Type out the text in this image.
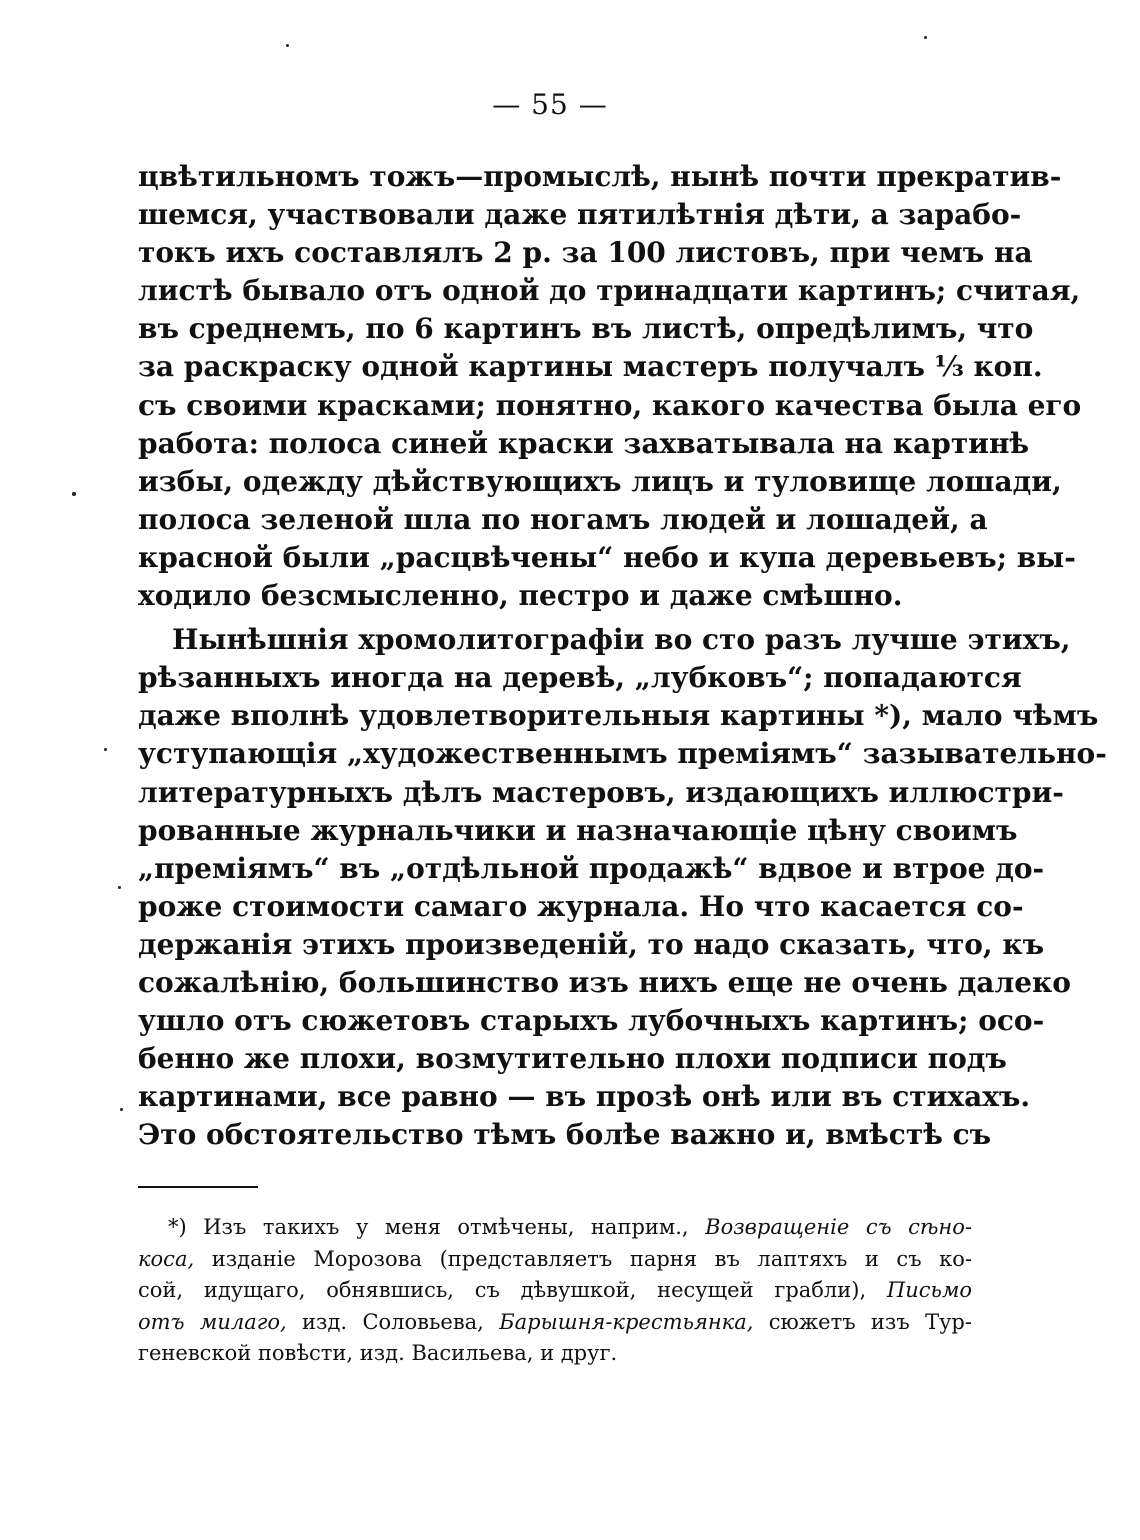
— 55 —
цвѣтильномъ тожъ—промыслѣ, нынѣ почти прекратив-
шемся, участвовали даже пятилѣтнія дѣти, а зарабо-
токъ ихъ составлялъ 2 р. за 100 листовъ, при чемъ на
листѣ бывало отъ одной до тринадцати картинъ; считая,
въ среднемъ, по 6 картинъ въ листѣ, опредѣлимъ, что
за раскраску одной картины мастеръ получалъ ⅓ коп.
съ своими красками; понятно, какого качества была его
работа: полоса синей краски захватывала на картинѣ
избы, одежду дѣйствующихъ лицъ и туловище лошади,
полоса зеленой шла по ногамъ людей и лошадей, а
красной были „расцвѣчены“ небо и купа деревьевъ; вы-
ходило безсмысленно, пестро и даже смѣшно.
Нынѣшнія хромолитографіи во сто разъ лучше этихъ,
рѣзанныхъ иногда на деревѣ, „лубковъ“; попадаются
даже вполнѣ удовлетворительныя картины *), мало чѣмъ
уступающія „художественнымъ преміямъ“ зазывательно-
литературныхъ дѣлъ мастеровъ, издающихъ иллюстри-
рованные журнальчики и назначающіе цѣну своимъ
„преміямъ“ въ „отдѣльной продажѣ“ вдвое и втрое до-
роже стоимости самаго журнала. Но что касается со-
держанія этихъ произведеній, то надо сказать, что, къ
сожалѣнію, большинство изъ нихъ еще не очень далеко
ушло отъ сюжетовъ старыхъ лубочныхъ картинъ; осо-
бенно же плохи, возмутительно плохи подписи подъ
картинами, все равно — въ прозѣ онѣ или въ стихахъ.
Это обстоятельство тѣмъ болѣе важно и, вмѣстѣ съ
*) Изъ такихъ у меня отмѣчены, наприм., Возвращеніе съ сѣно-
коса, изданіе Морозова (представляетъ парня въ лаптяхъ и съ ко-
сой, идущаго, обнявшись, съ дѣвушкой, несущей грабли), Письмо
отъ милаго, изд. Соловьева, Барышня-крестьянка, сюжетъ изъ Тур-
геневской повѣсти, изд. Васильева, и друг.
